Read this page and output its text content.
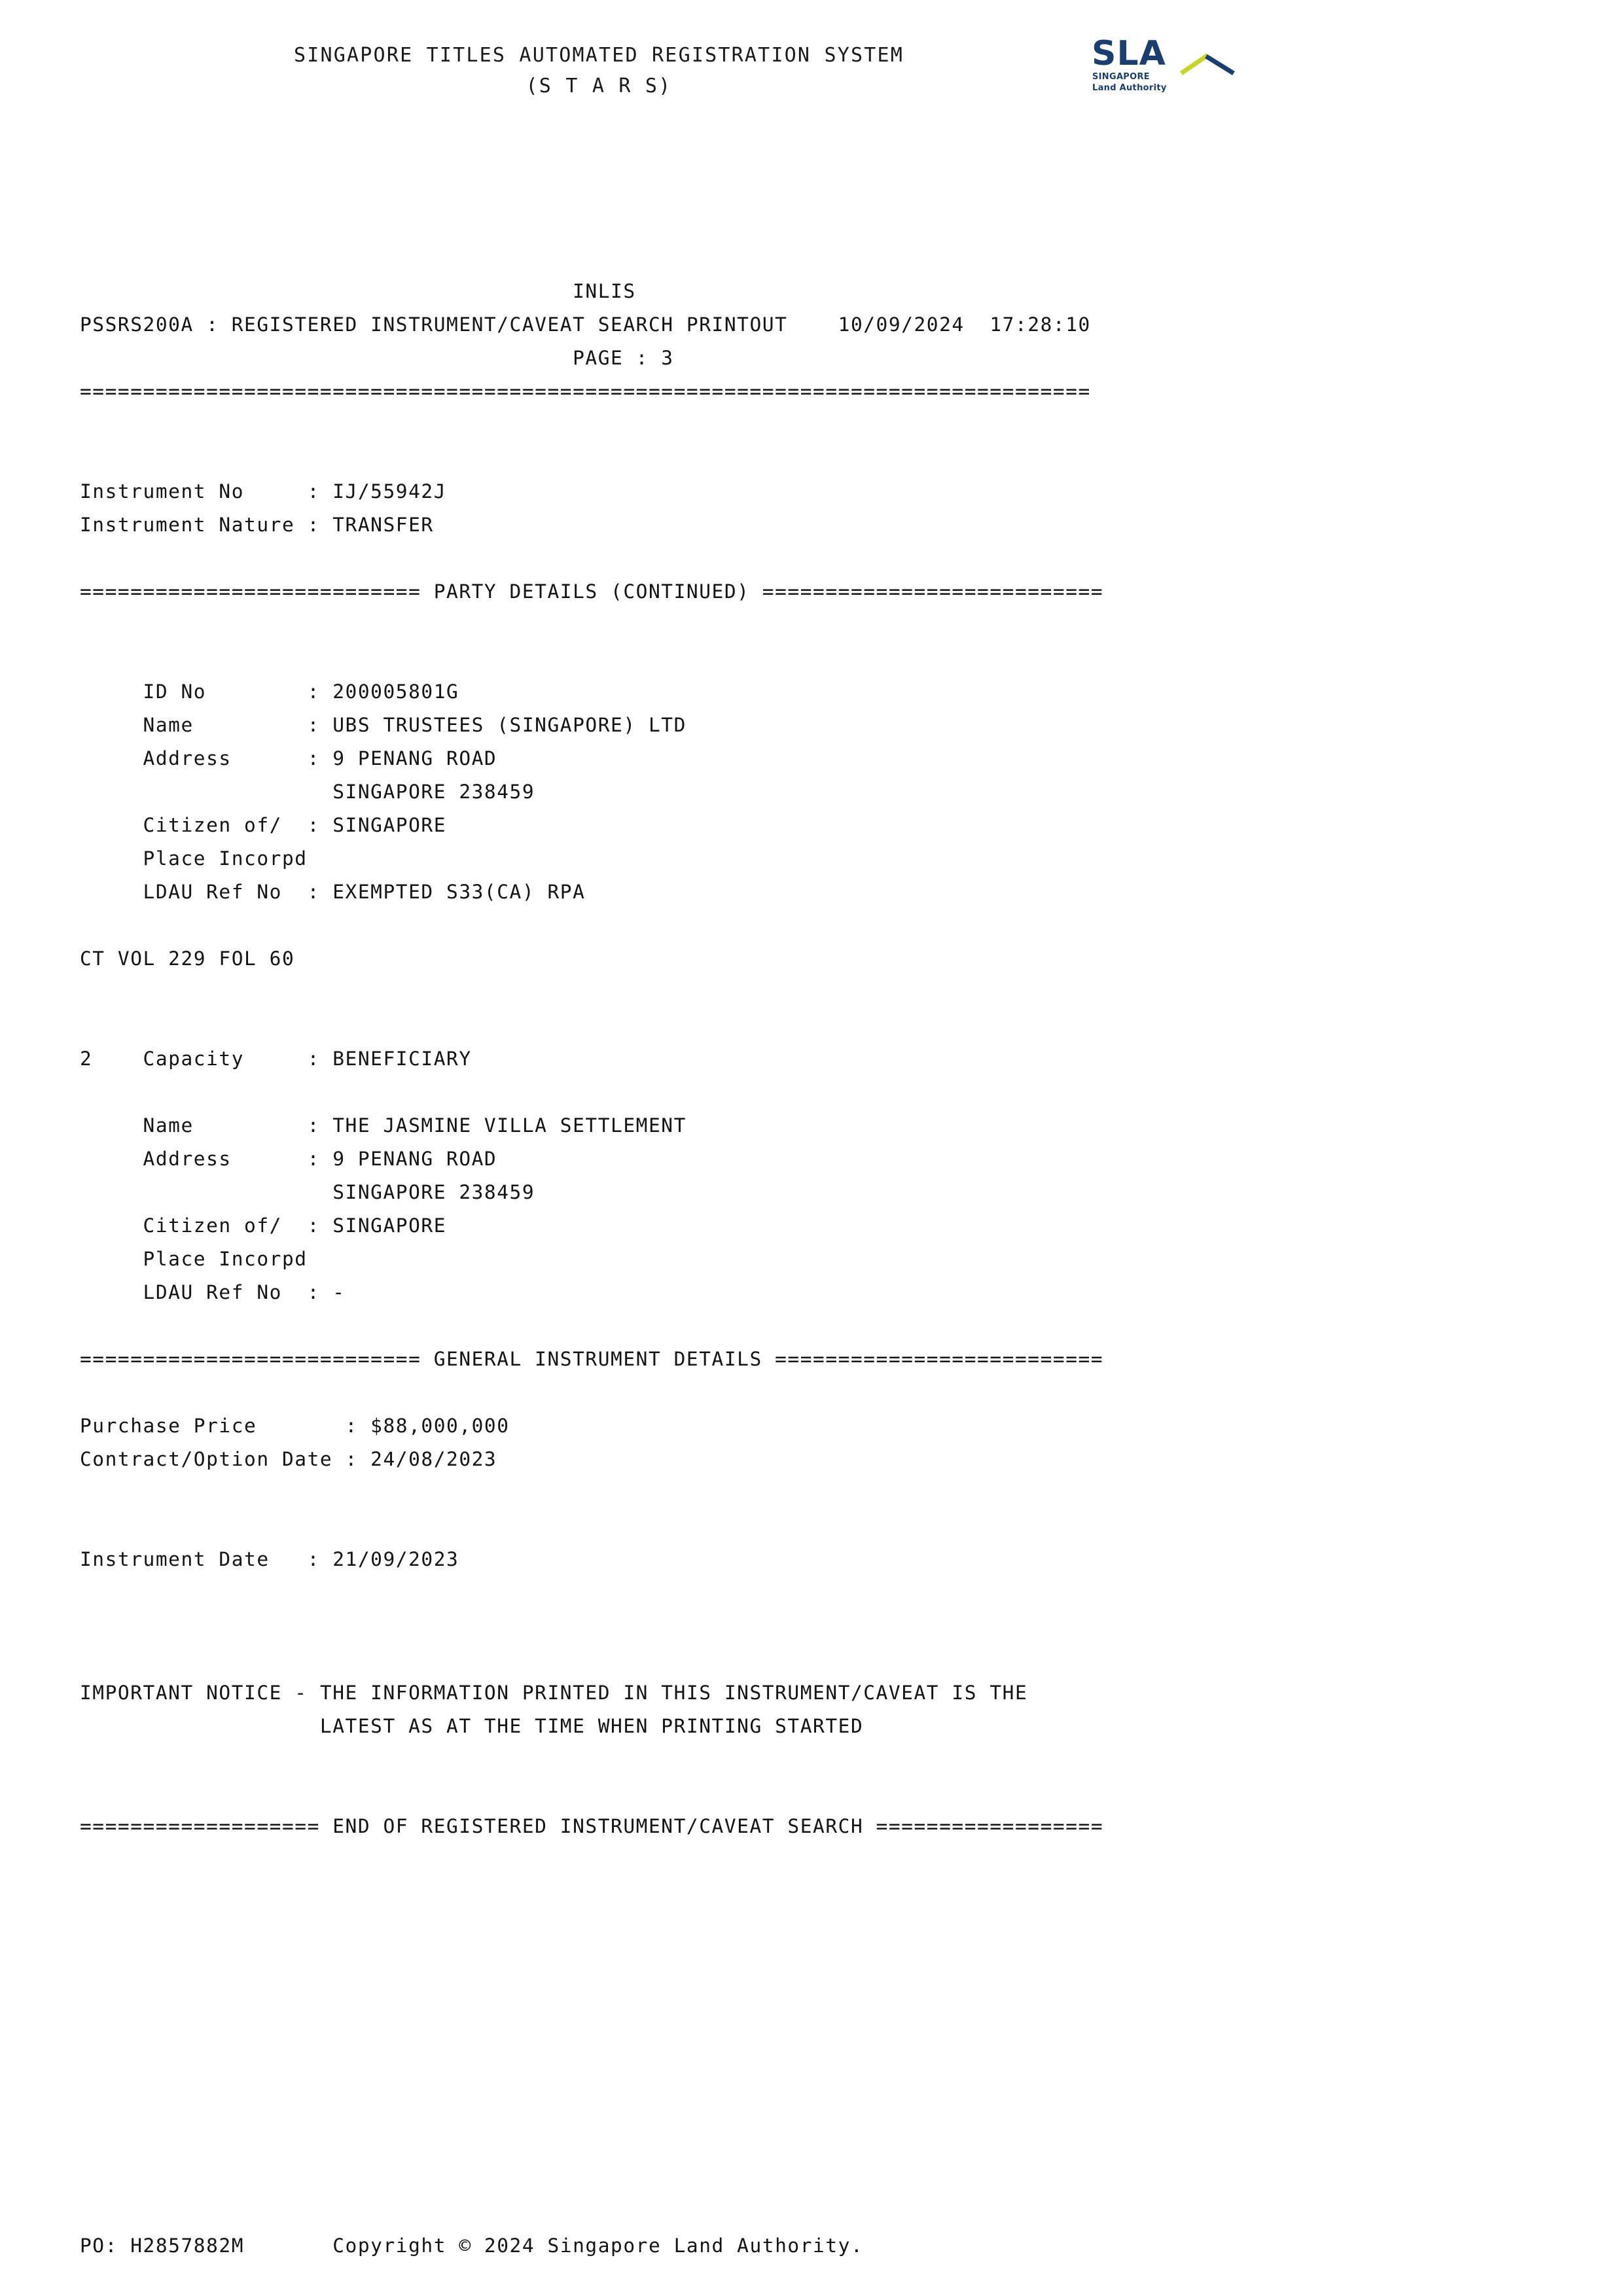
SINGAPORE TITLES AUTOMATED REGISTRATION SYSTEM
(S T A R S)
SLA
SINGAPORE
Land Authority
INLIS
PSSRS200A : REGISTERED INSTRUMENT/CAVEAT SEARCH PRINTOUT    10/09/2024  17:28:10
PAGE : 3
================================================================================

Instrument No     : IJ/55942J
Instrument Nature : TRANSFER

=========================== PARTY DETAILS (CONTINUED) ===========================

ID No        : 200005801G
Name         : UBS TRUSTEES (SINGAPORE) LTD
Address      : 9 PENANG ROAD
SINGAPORE 238459
Citizen of/  : SINGAPORE
Place Incorpd
LDAU Ref No  : EXEMPTED S33(CA) RPA

CT VOL 229 FOL 60

2    Capacity     : BENEFICIARY

Name         : THE JASMINE VILLA SETTLEMENT
Address      : 9 PENANG ROAD
SINGAPORE 238459
Citizen of/  : SINGAPORE
Place Incorpd
LDAU Ref No  : -

=========================== GENERAL INSTRUMENT DETAILS ==========================

Purchase Price       : $88,000,000
Contract/Option Date : 24/08/2023

Instrument Date   : 21/09/2023

IMPORTANT NOTICE - THE INFORMATION PRINTED IN THIS INSTRUMENT/CAVEAT IS THE
LATEST AS AT THE TIME WHEN PRINTING STARTED

=================== END OF REGISTERED INSTRUMENT/CAVEAT SEARCH ==================
PO: H2857882M       Copyright © 2024 Singapore Land Authority.
